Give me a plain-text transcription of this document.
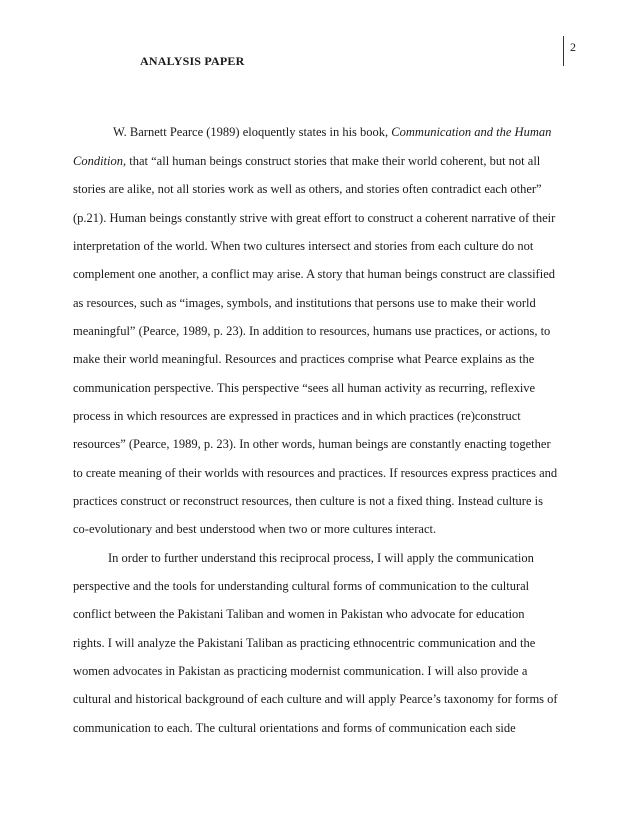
2
ANALYSIS PAPER
W. Barnett Pearce (1989) eloquently states in his book, Communication and the Human
Condition, that “all human beings construct stories that make their world coherent, but not all
stories are alike, not all stories work as well as others, and stories often contradict each other”
(p.21). Human beings constantly strive with great effort to construct a coherent narrative of their
interpretation of the world. When two cultures intersect and stories from each culture do not
complement one another, a conflict may arise. A story that human beings construct are classified
as resources, such as “images, symbols, and institutions that persons use to make their world
meaningful” (Pearce, 1989, p. 23). In addition to resources, humans use practices, or actions, to
make their world meaningful. Resources and practices comprise what Pearce explains as the
communication perspective. This perspective “sees all human activity as recurring, reflexive
process in which resources are expressed in practices and in which practices (re)construct
resources” (Pearce, 1989, p. 23). In other words, human beings are constantly enacting together
to create meaning of their worlds with resources and practices. If resources express practices and
practices construct or reconstruct resources, then culture is not a fixed thing. Instead culture is
co-evolutionary and best understood when two or more cultures interact.
In order to further understand this reciprocal process, I will apply the communication
perspective and the tools for understanding cultural forms of communication to the cultural
conflict between the Pakistani Taliban and women in Pakistan who advocate for education
rights. I will analyze the Pakistani Taliban as practicing ethnocentric communication and the
women advocates in Pakistan as practicing modernist communication. I will also provide a
cultural and historical background of each culture and will apply Pearce’s taxonomy for forms of
communication to each. The cultural orientations and forms of communication each side
